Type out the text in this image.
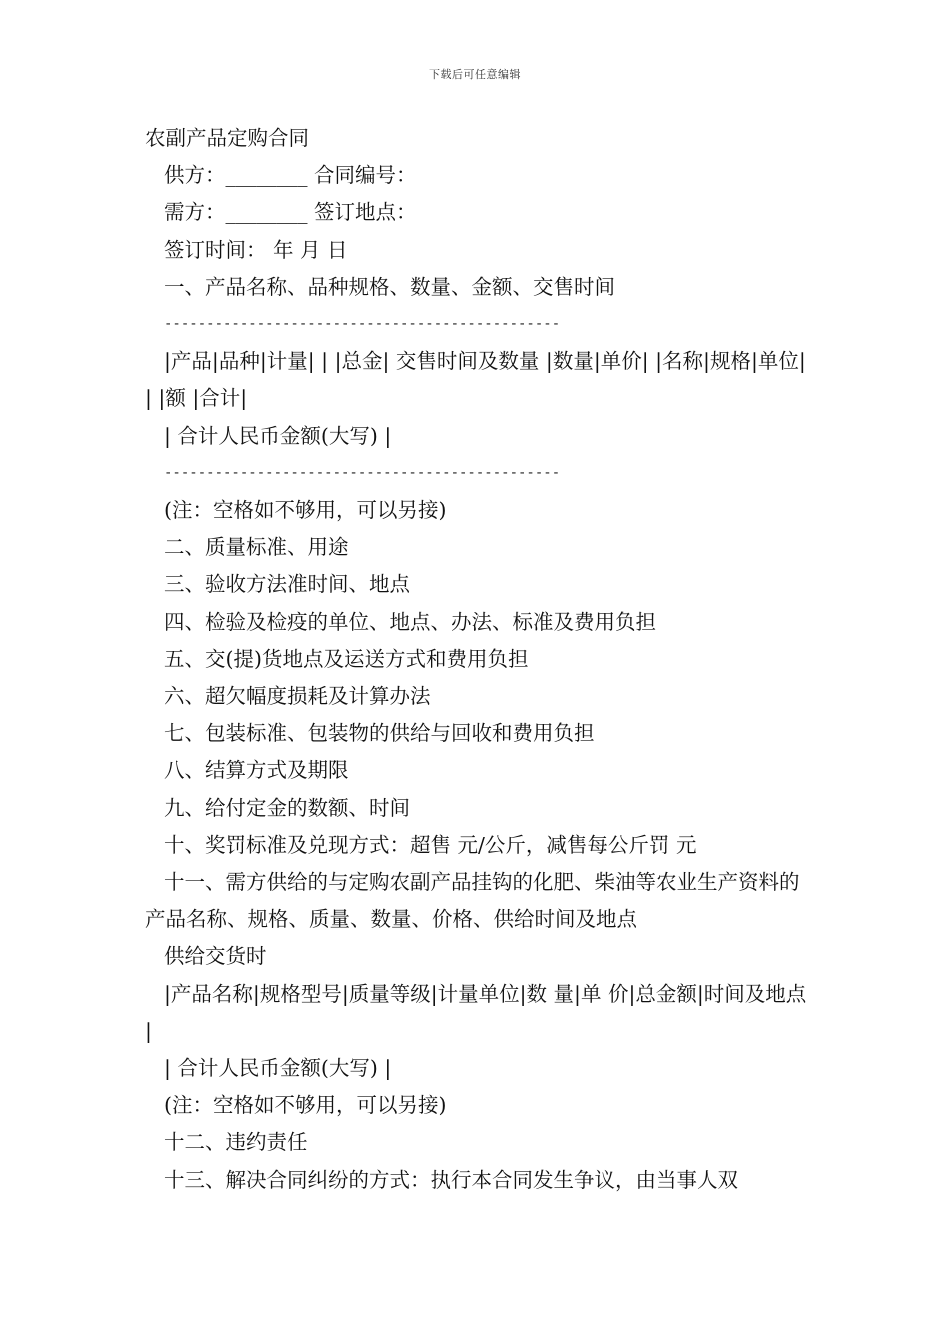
下载后可任意编辑

农副产品定购合同

供方：________ 合同编号：

需方：________ 签订地点：

签订时间： 年 月 日

一、产品名称、品种规格、数量、金额、交售时间

-----------------------------------------------

|产品|品种|计量| | |总金| 交售时间及数量 |数量|单价| |名称|规格|单位| | |额 |合计|

| 合计人民币金额(大写) |

-----------------------------------------------

(注：空格如不够用，可以另接)

二、质量标准、用途

三、验收方法准时间、地点

四、检验及检疫的单位、地点、办法、标准及费用负担

五、交(提)货地点及运送方式和费用负担

六、超欠幅度损耗及计算办法

七、包装标准、包装物的供给与回收和费用负担

八、结算方式及期限

九、给付定金的数额、时间

十、奖罚标准及兑现方式：超售 元/公斤，减售每公斤罚 元

十一、需方供给的与定购农副产品挂钩的化肥、柴油等农业生产资料的产品名称、规格、质量、数量、价格、供给时间及地点

供给交货时

|产品名称|规格型号|质量等级|计量单位|数 量|单 价|总金额|时间及地点 |

| 合计人民币金额(大写) |

(注：空格如不够用，可以另接)

十二、违约责任

十三、解决合同纠纷的方式：执行本合同发生争议，由当事人双
